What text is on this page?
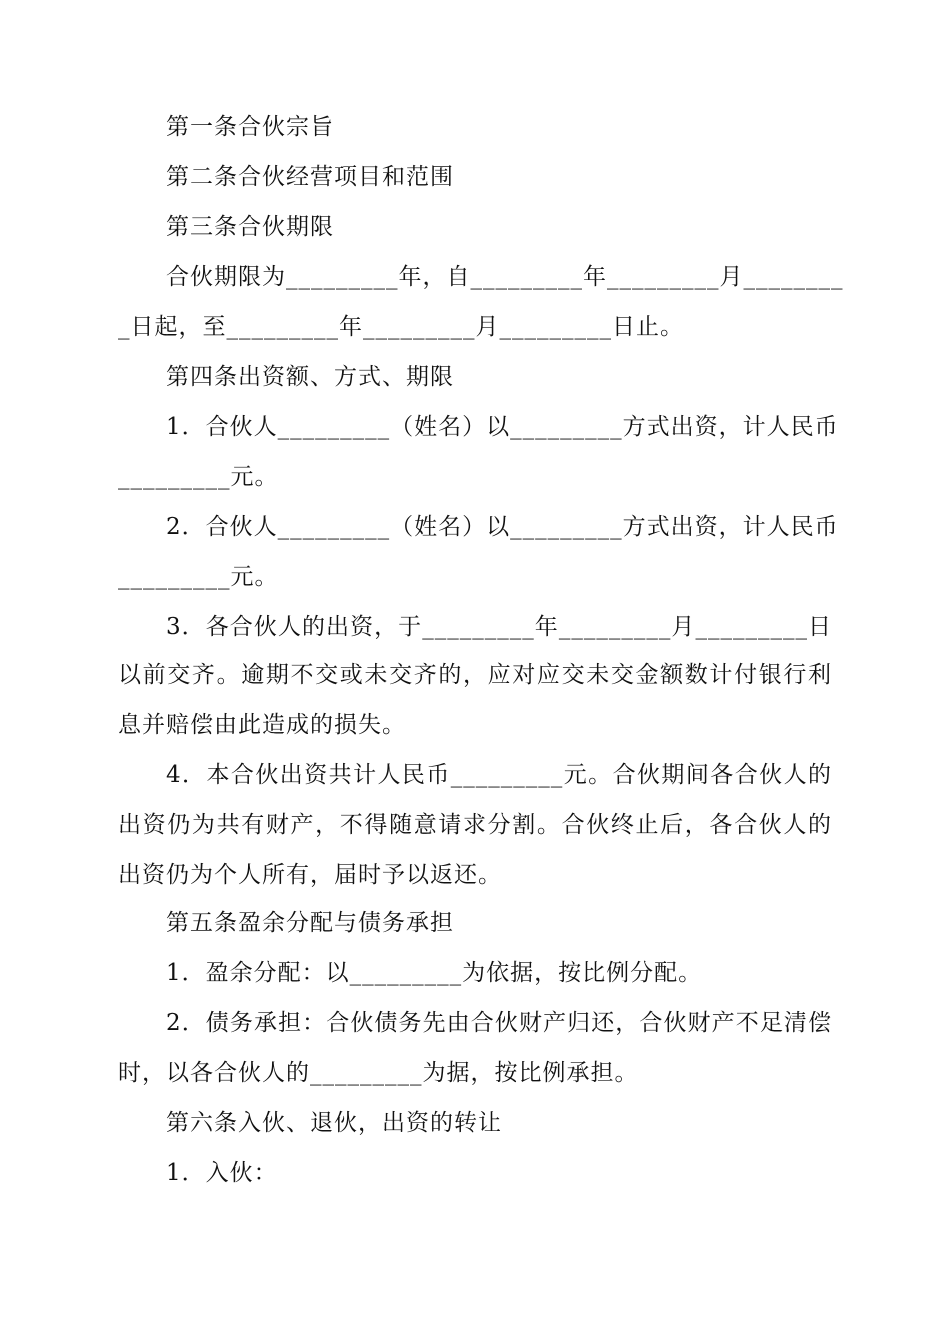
第一条合伙宗旨
第二条合伙经营项目和范围
第三条合伙期限
合伙期限为_________年，自_________年_________月________
_日起，至_________年_________月_________日止。
第四条出资额、方式、期限
1．合伙人_________（姓名）以_________方式出资，计人民币
_________元。
2．合伙人_________（姓名）以_________方式出资，计人民币
_________元。
3．各合伙人的出资，于_________年_________月_________日
以前交齐。逾期不交或未交齐的，应对应交未交金额数计付银行利
息并赔偿由此造成的损失。
4．本合伙出资共计人民币_________元。合伙期间各合伙人的
出资仍为共有财产，不得随意请求分割。合伙终止后，各合伙人的
出资仍为个人所有，届时予以返还。
第五条盈余分配与债务承担
1．盈余分配：以_________为依据，按比例分配。
2．债务承担：合伙债务先由合伙财产归还，合伙财产不足清偿
时，以各合伙人的_________为据，按比例承担。
第六条入伙、退伙，出资的转让
1．入伙：
